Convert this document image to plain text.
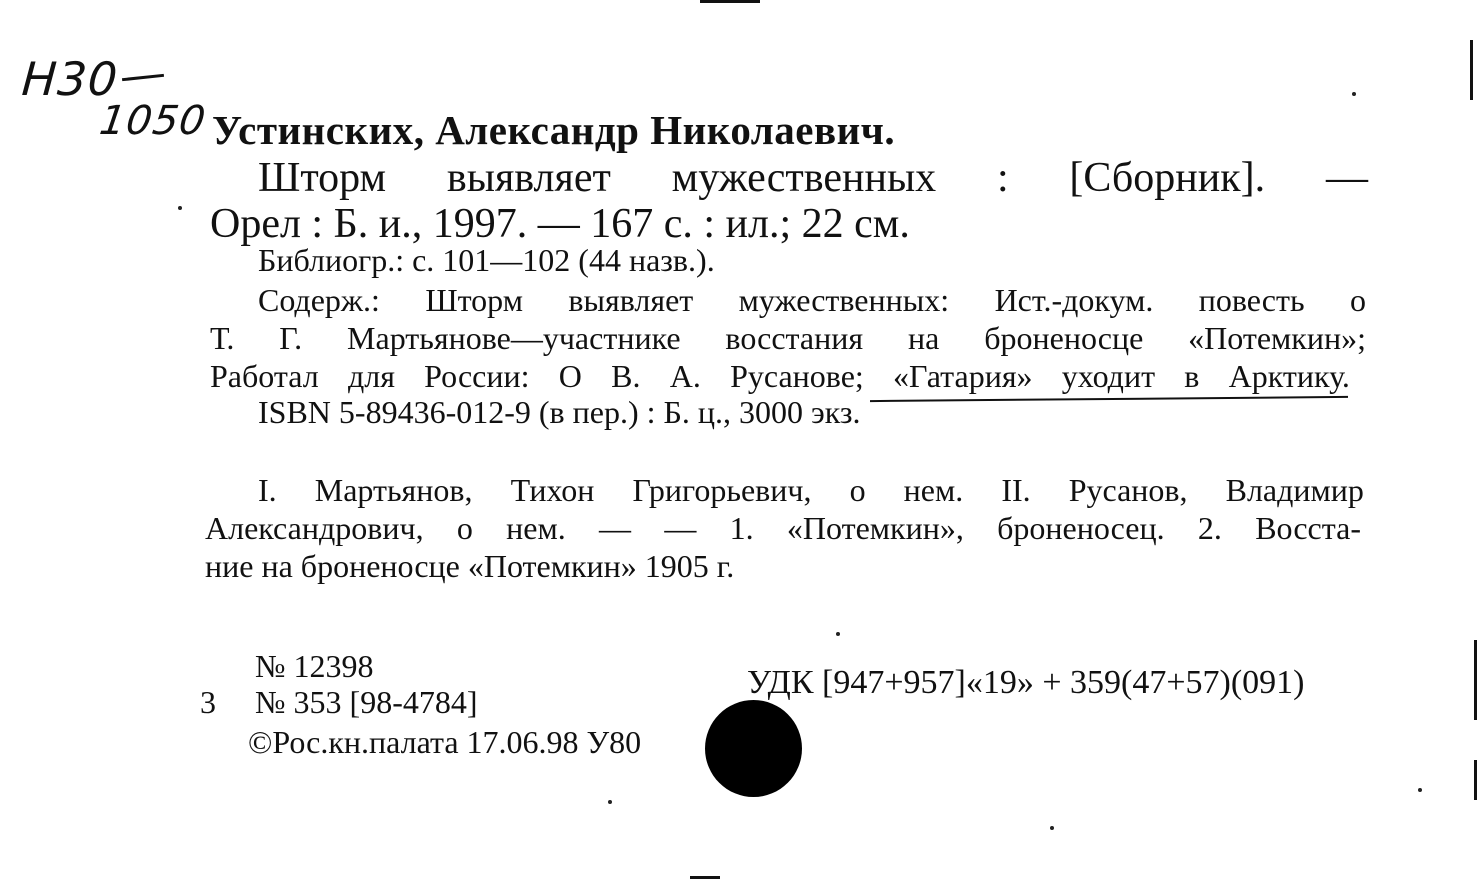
Н30
1050 Устинских, Александр Николаевич.
Шторм выявляет мужественных : [Сборник]. —
Орел : Б. и., 1997. — 167 с. : ил.; 22 см.
Библиогр.: с. 101—102 (44 назв.).
Содерж.: Шторм выявляет мужественных: Ист.-докум. повесть о
Т. Г. Мартьянове—участнике восстания на броненосце «Потемкин»;
Работал для России: О В. А. Русанове; «Гатария» уходит в Арктику.
ISBN 5-89436-012-9 (в пер.) : Б. ц., 3000 экз.
I. Мартьянов, Тихон Григорьевич, о нем. II. Русанов, Владимир
Александрович, о нем. — — 1. «Потемкин», броненосец. 2. Восста-
ние на броненосце «Потемкин» 1905 г.
№ 12398	УДК [947+957]«19» + 359(47+57)(091)
3 № 353 [98-4784]
©Рос.кн.палата 17.06.98 У80
